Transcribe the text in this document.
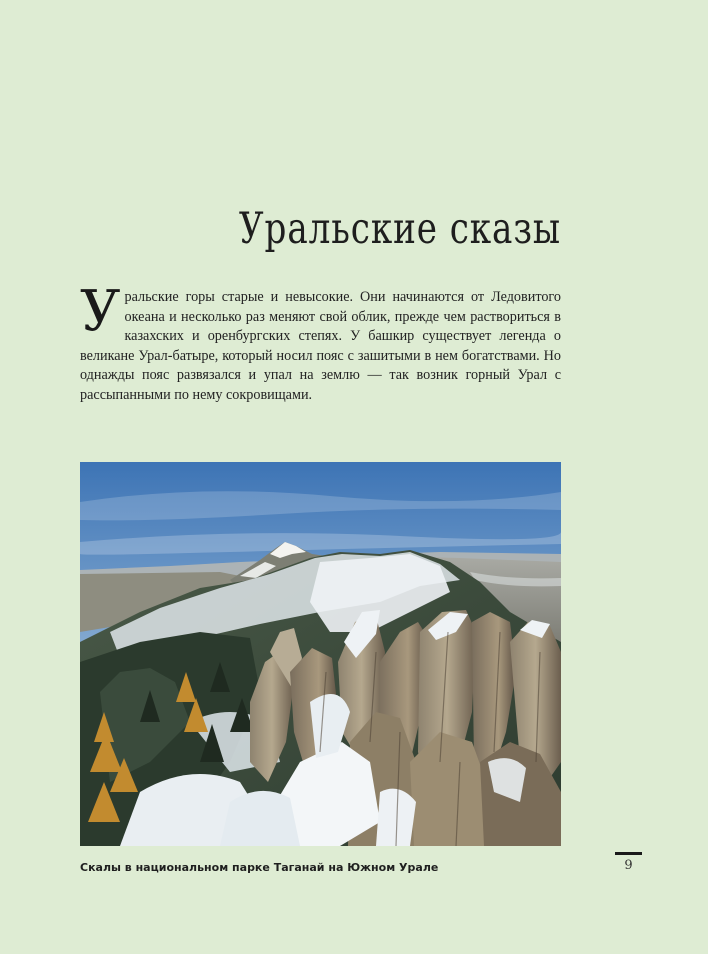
Уральские сказы

Уральские горы старые и невысокие. Они начинаются от Ледовитого океана и несколько раз меняют свой облик, прежде чем раствориться в казахских и оренбургских степях. У башкир существует легенда о великане Урал-батыре, который носил пояс с зашитыми в нем богатствами. Но однажды пояс развязался и упал на землю — так возник горный Урал с рассыпанными по нему сокровищами.

Скалы в национальном парке Таганай на Южном Урале	9
